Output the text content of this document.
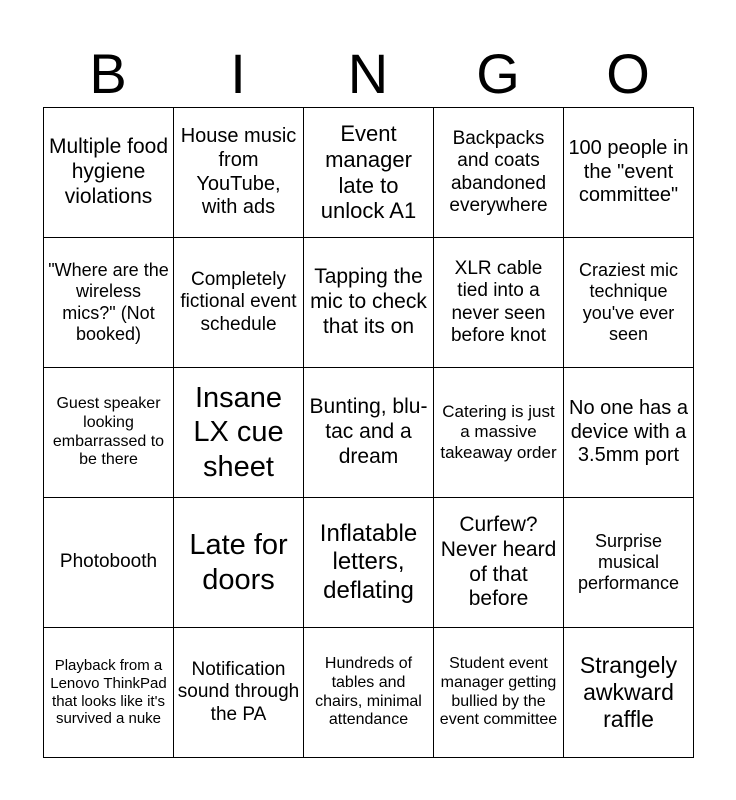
B	I	N	G	O
Multiple food hygiene violations	House music from YouTube, with ads	Event manager late to unlock A1	Backpacks and coats abandoned everywhere	100 people in the "event committee"
"Where are the wireless mics?" (Not booked)	Completely fictional event schedule	Tapping the mic to check that its on	XLR cable tied into a never seen before knot	Craziest mic technique you've ever seen
Guest speaker looking embarrassed to be there	Insane LX cue sheet	Bunting, blu-tac and a dream	Catering is just a massive takeaway order	No one has a device with a 3.5mm port
Photobooth	Late for doors	Inflatable letters, deflating	Curfew? Never heard of that before	Surprise musical performance
Playback from a Lenovo ThinkPad that looks like it's survived a nuke	Notification sound through the PA	Hundreds of tables and chairs, minimal attendance	Student event manager getting bullied by the event committee	Strangely awkward raffle
